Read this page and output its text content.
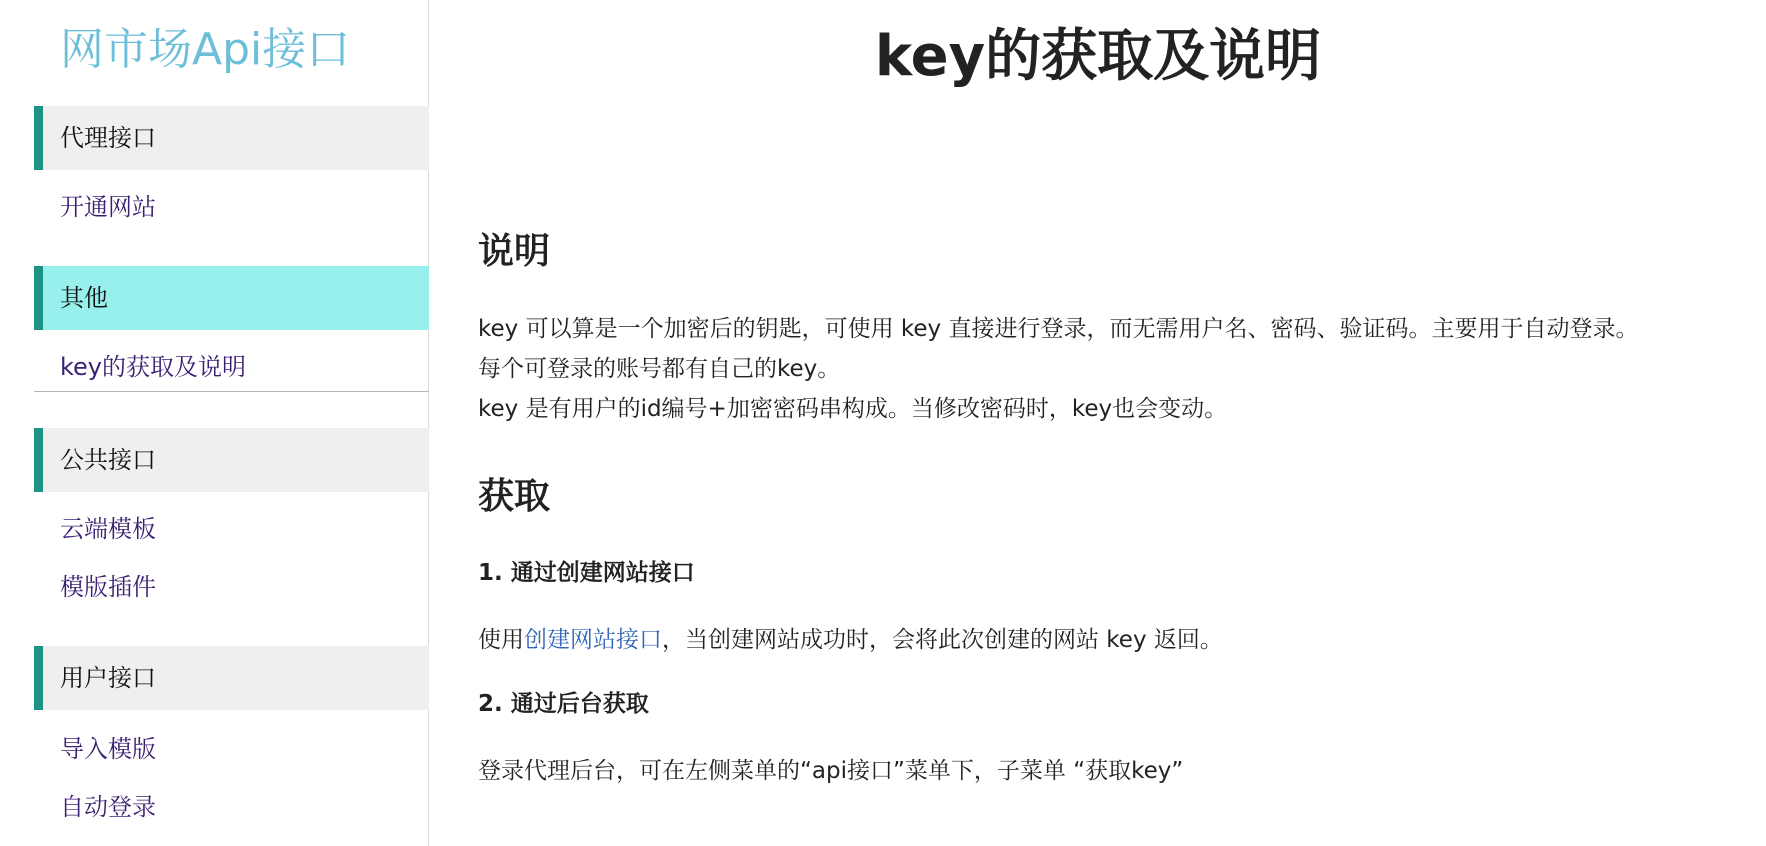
网市场Api接口
代理接口
开通网站
其他
key的获取及说明
公共接口
云端模板
模版插件
用户接口
导入模版
自动登录
key的获取及说明
说明
key 可以算是一个加密后的钥匙，可使用 key 直接进行登录，而无需用户名、密码、验证码。主要用于自动登录。
每个可登录的账号都有自己的key。
key 是有用户的id编号+加密密码串构成。当修改密码时，key也会变动。
获取
1. 通过创建网站接口
使用创建网站接口，当创建网站成功时，会将此次创建的网站 key 返回。
2. 通过后台获取
登录代理后台，可在左侧菜单的“api接口”菜单下，子菜单 “获取key”
